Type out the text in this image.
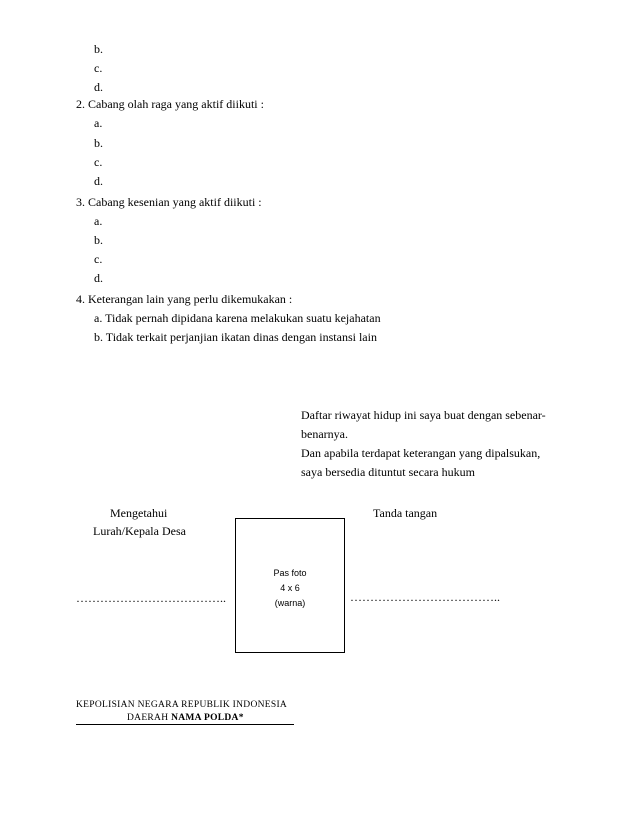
b.
c.
d.
2. Cabang olah raga yang aktif diikuti :
a.
b.
c.
d.
3. Cabang kesenian yang aktif diikuti :
a.
b.
c.
d.
4. Keterangan lain yang perlu dikemukakan :
a. Tidak pernah dipidana karena melakukan suatu kejahatan
b. Tidak terkait perjanjian ikatan dinas dengan instansi lain
Daftar riwayat hidup ini saya buat dengan sebenar-
benarnya.
Dan apabila terdapat keterangan yang dipalsukan,
saya bersedia dituntut secara hukum
Mengetahui
Lurah/Kepala Desa
………………………………..
Pas foto
4 x 6
(warna)
Tanda tangan
………………………………..
KEPOLISIAN NEGARA REPUBLIK INDONESIA
DAERAH NAMA POLDA*
